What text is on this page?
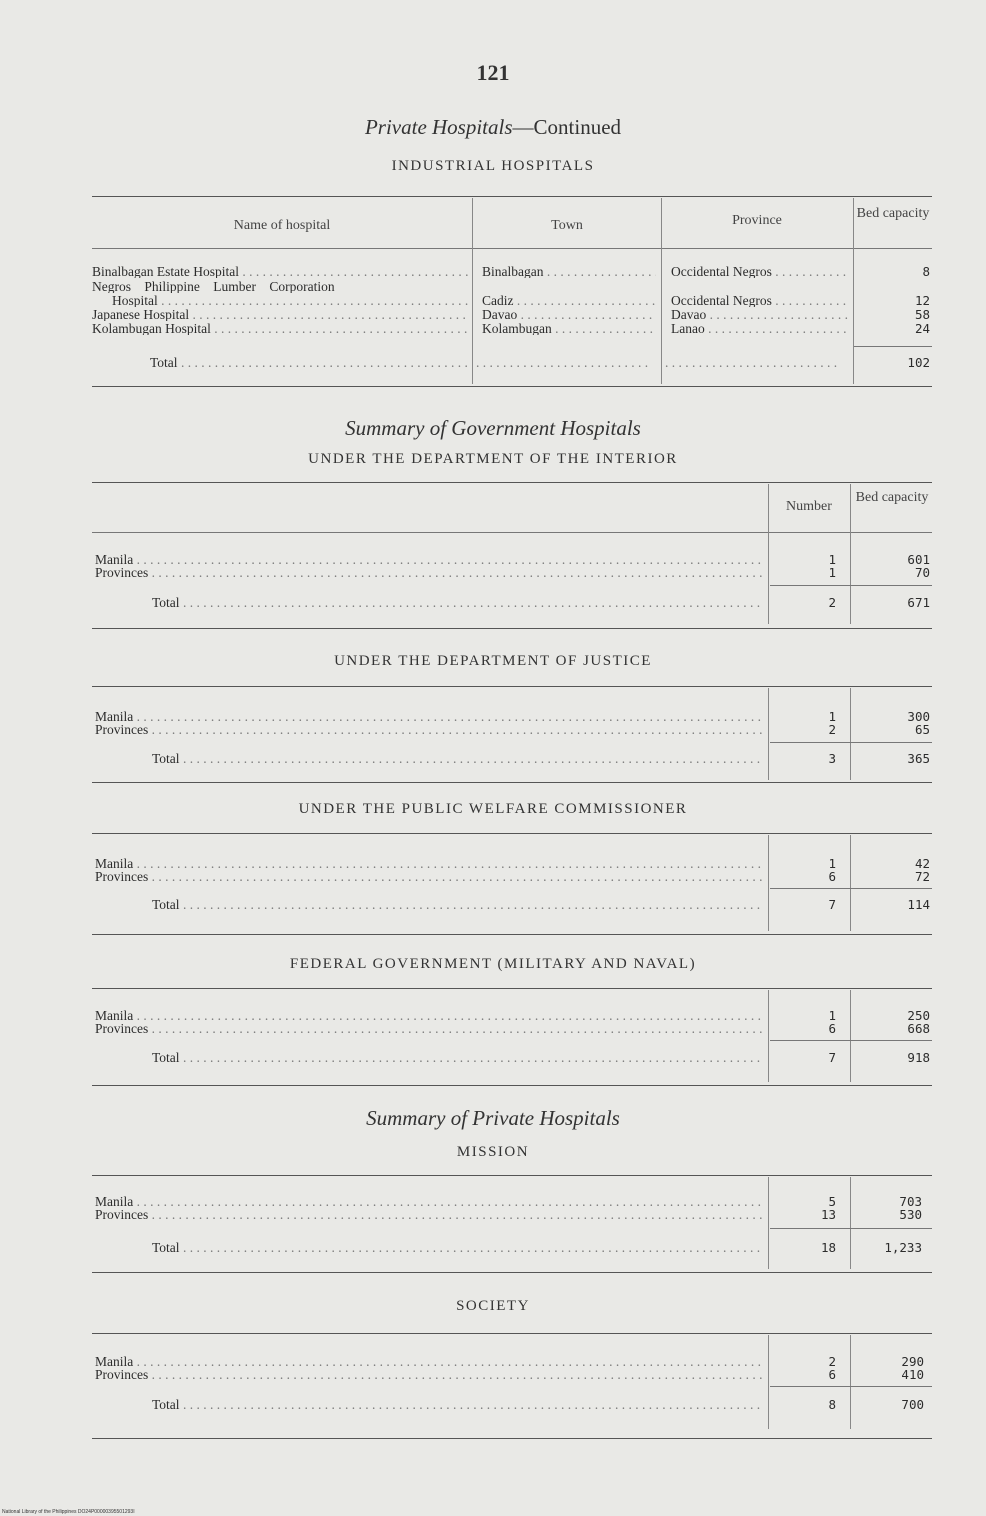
121
Private Hospitals—Continued
INDUSTRIAL HOSPITALS
Name of hospital	Town	Province	Bed capacity
Binalbagan Estate Hospital . . .	Binalbagan . . .	Occidental Negros . . .	8
Negros Philippine Lumber Corporation
Hospital . . .	Cadiz . . .	Occidental Negros . . .	12
Japanese Hospital . . .	Davao . . .	Davao . . .	58
Kolambugan Hospital . . .	Kolambugan . . .	Lanao . . .	24
Total . . .	. . . . . . . . . . . . . . . . . . . . . . . . . .	. . . . . . . . . . . . . . . . . . . . . . . . . .	102
Summary of Government Hospitals
UNDER THE DEPARTMENT OF THE INTERIOR
Number
Bed capacity
Manila . . .	1	601
Provinces . . .	1	70
Total . . .	2	671
UNDER THE DEPARTMENT OF JUSTICE
Manila . . .	1	300
Provinces . . .	2	65
Total . . .	3	365
UNDER THE PUBLIC WELFARE COMMISSIONER
Manila . . .	1	42
Provinces . . .	6	72
Total . . .	7	114
FEDERAL GOVERNMENT (MILITARY AND NAVAL)
Manila . . .	1	250
Provinces . . .	6	668
Total . . .	7	918
Summary of Private Hospitals
MISSION
Manila . . .	5	703
Provinces . . .	13	530
Total . . .	18	1,233
SOCIETY
Manila . . .	2	290
Provinces . . .	6	410
Total . . .	8	700
National Library of the Philippines DO24P00000395501293I
